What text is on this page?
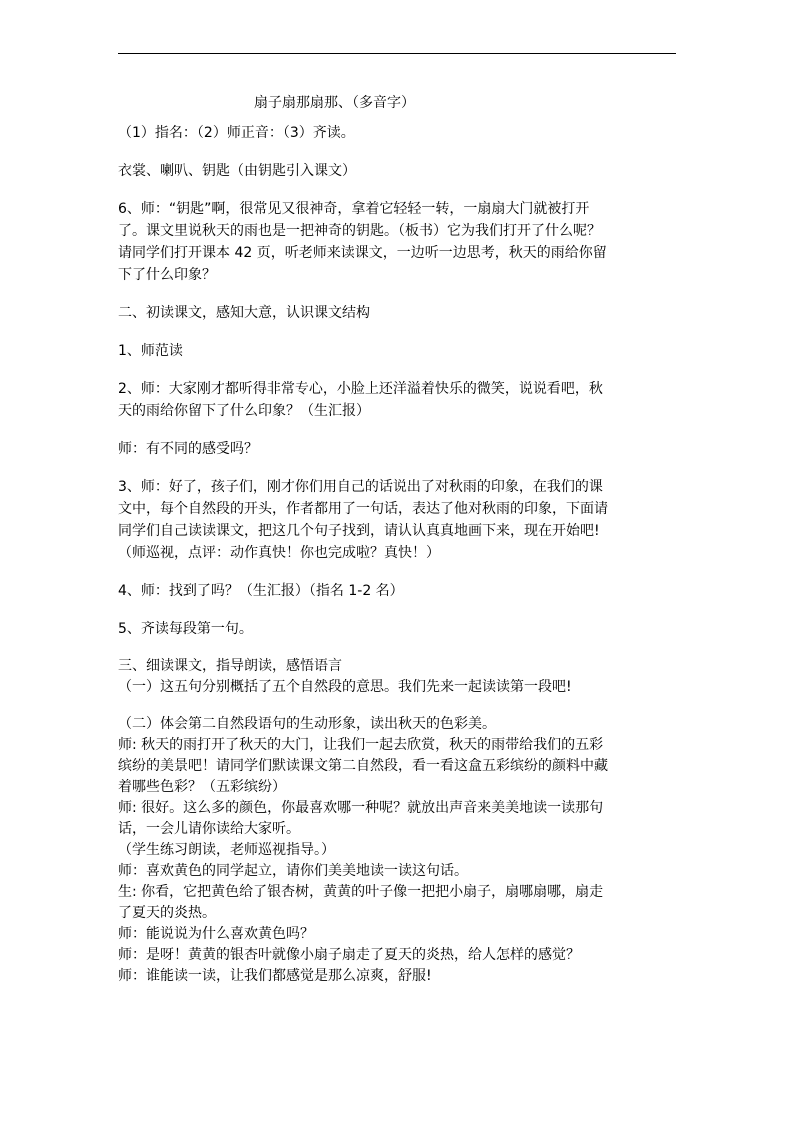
扇子扇那扇那、（多音字）

（1）指名：（2）师正音：（3）齐读。

衣裳、喇叭、钥匙（由钥匙引入课文）

6、师：“钥匙”啊，很常见又很神奇，拿着它轻轻一转，一扇扇大门就被打开

了。课文里说秋天的雨也是一把神奇的钥匙。（板书）它为我们打开了什么呢？

请同学们打开课本 42 页，听老师来读课文，一边听一边思考，秋天的雨给你留

下了什么印象？

二、初读课文，感知大意，认识课文结构

1、师范读

2、师：大家刚才都听得非常专心，小脸上还洋溢着快乐的微笑，说说看吧，秋

天的雨给你留下了什么印象？（生汇报）

师：有不同的感受吗？

3、师：好了，孩子们，刚才你们用自己的话说出了对秋雨的印象，在我们的课

文中，每个自然段的开头，作者都用了一句话，表达了他对秋雨的印象，下面请

同学们自己读读课文，把这几个句子找到，请认认真真地画下来，现在开始吧!

（师巡视，点评：动作真快！你也完成啦？真快！）

4、师：找到了吗？（生汇报）（指名 1-2 名）

5、齐读每段第一句。

三、细读课文，指导朗读，感悟语言

（一）这五句分别概括了五个自然段的意思。我们先来一起读读第一段吧!

（二）体会第二自然段语句的生动形象，读出秋天的色彩美。

师: 秋天的雨打开了秋天的大门，让我们一起去欣赏，秋天的雨带给我们的五彩

缤纷的美景吧！请同学们默读课文第二自然段，看一看这盒五彩缤纷的颜料中藏

着哪些色彩？（五彩缤纷）

师: 很好。这么多的颜色，你最喜欢哪一种呢？就放出声音来美美地读一读那句

话，一会儿请你读给大家听。

（学生练习朗读，老师巡视指导。）

师：喜欢黄色的同学起立，请你们美美地读一读这句话。

生: 你看，它把黄色给了银杏树，黄黄的叶子像一把把小扇子，扇哪扇哪，扇走

了夏天的炎热。

师：能说说为什么喜欢黄色吗？

师：是呀！黄黄的银杏叶就像小扇子扇走了夏天的炎热，给人怎样的感觉？

师：谁能读一读，让我们都感觉是那么凉爽，舒服!
